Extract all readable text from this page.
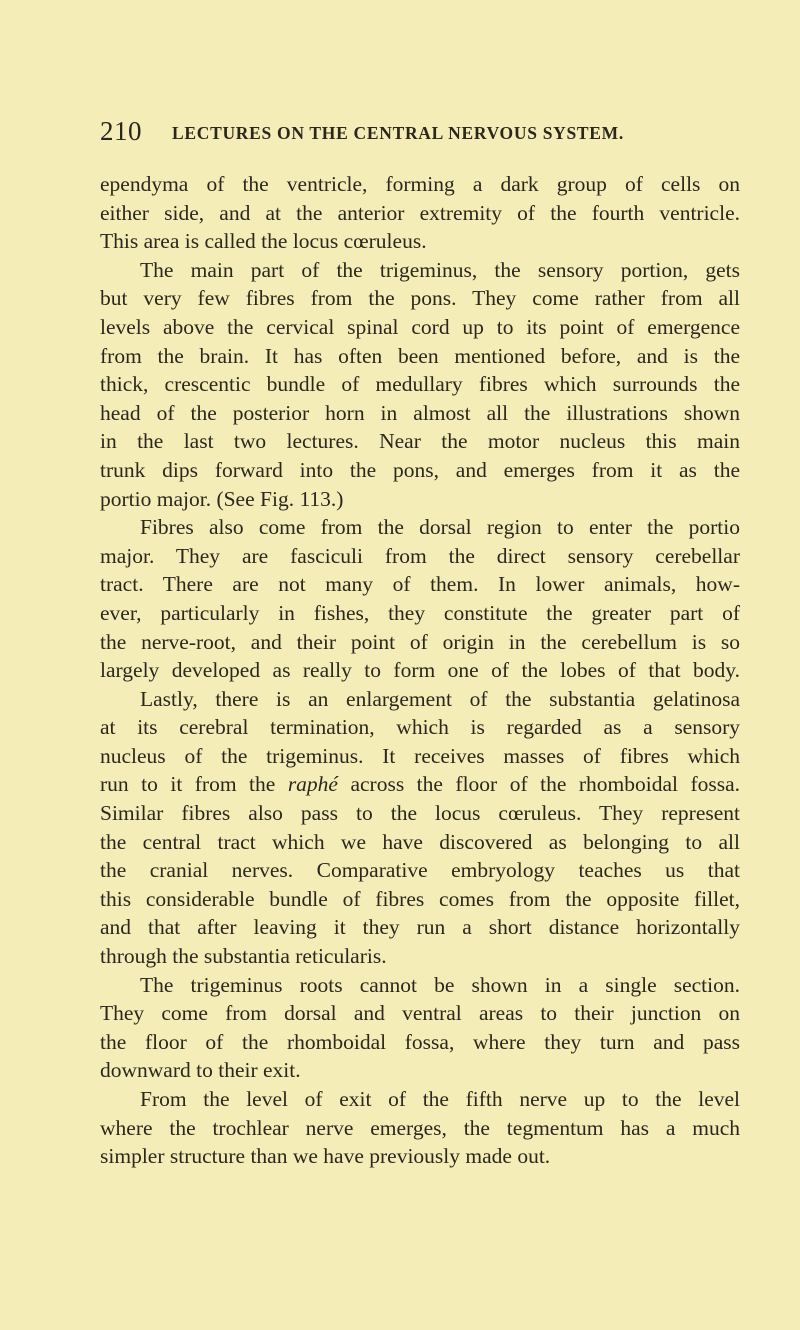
210 LECTURES ON THE CENTRAL NERVOUS SYSTEM.
ependyma of the ventricle, forming a dark group of cells on
either side, and at the anterior extremity of the fourth ventricle.
This area is called the locus cœruleus.
The main part of the trigeminus, the sensory portion, gets
but very few fibres from the pons. They come rather from all
levels above the cervical spinal cord up to its point of emergence
from the brain. It has often been mentioned before, and is the
thick, crescentic bundle of medullary fibres which surrounds the
head of the posterior horn in almost all the illustrations shown
in the last two lectures. Near the motor nucleus this main
trunk dips forward into the pons, and emerges from it as the
portio major. (See Fig. 113.)
Fibres also come from the dorsal region to enter the portio
major. They are fasciculi from the direct sensory cerebellar
tract. There are not many of them. In lower animals, how-
ever, particularly in fishes, they constitute the greater part of
the nerve-root, and their point of origin in the cerebellum is so
largely developed as really to form one of the lobes of that body.
Lastly, there is an enlargement of the substantia gelatinosa
at its cerebral termination, which is regarded as a sensory
nucleus of the trigeminus. It receives masses of fibres which
run to it from the raphé across the floor of the rhomboidal fossa.
Similar fibres also pass to the locus cœruleus. They represent
the central tract which we have discovered as belonging to all
the cranial nerves. Comparative embryology teaches us that
this considerable bundle of fibres comes from the opposite fillet,
and that after leaving it they run a short distance horizontally
through the substantia reticularis.
The trigeminus roots cannot be shown in a single section.
They come from dorsal and ventral areas to their junction on
the floor of the rhomboidal fossa, where they turn and pass
downward to their exit.
From the level of exit of the fifth nerve up to the level
where the trochlear nerve emerges, the tegmentum has a much
simpler structure than we have previously made out.
